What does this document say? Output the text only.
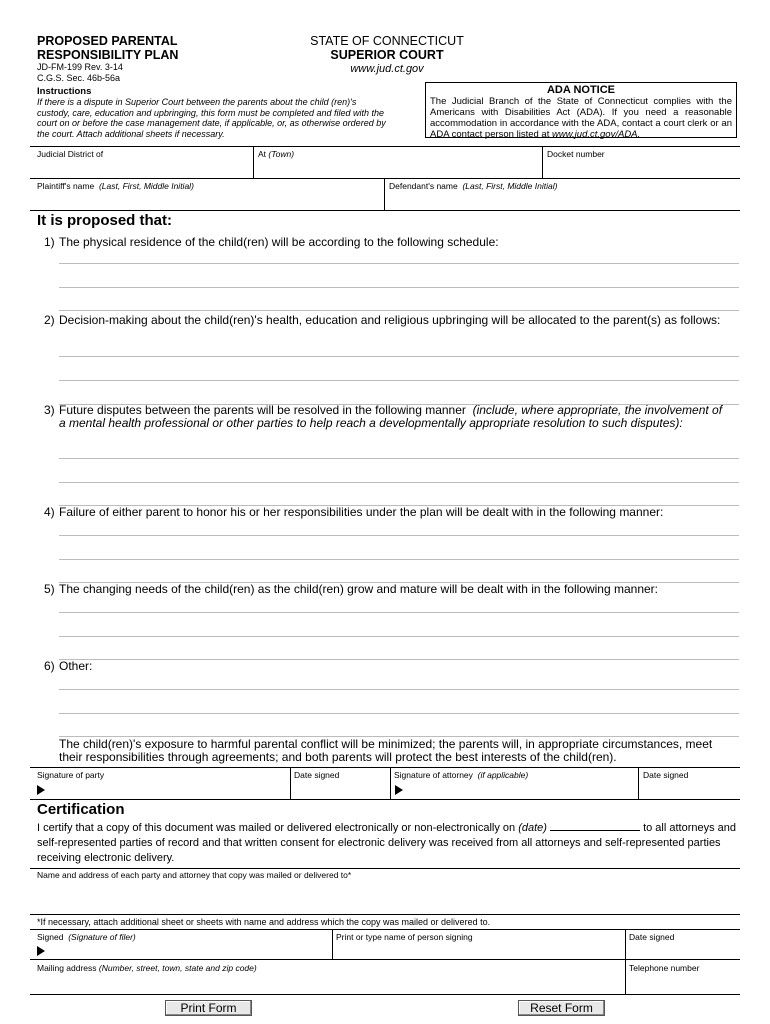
PROPOSED PARENTAL
RESPONSIBILITY PLAN
JD-FM-199 Rev. 3-14
C.G.S. Sec. 46b-56a
STATE OF CONNECTICUT
SUPERIOR COURT
www.jud.ct.gov
Instructions
If there is a dispute in Superior Court between the parents about the child (ren)'s custody, care, education and upbringing, this form must be completed and filed with the court on or before the case management date, if applicable, or, as otherwise ordered by the court. Attach additional sheets if necessary.
ADA NOTICE
The Judicial Branch of the State of Connecticut complies with the Americans with Disabilities Act (ADA). If you need a reasonable accommodation in accordance with the ADA, contact a court clerk or an ADA contact person listed at www.jud.ct.gov/ADA.
Judicial District of	At (Town)	Docket number
Plaintiff's name (Last, First, Middle Initial)	Defendant's name (Last, First, Middle Initial)
It is proposed that:
1) The physical residence of the child(ren) will be according to the following schedule:
2) Decision-making about the child(ren)'s health, education and religious upbringing will be allocated to the parent(s) as follows:
3) Future disputes between the parents will be resolved in the following manner (include, where appropriate, the involvement of a mental health professional or other parties to help reach a developmentally appropriate resolution to such disputes):
4) Failure of either parent to honor his or her responsibilities under the plan will be dealt with in the following manner:
5) The changing needs of the child(ren) as the child(ren) grow and mature will be dealt with in the following manner:
6) Other:
The child(ren)'s exposure to harmful parental conflict will be minimized; the parents will, in appropriate circumstances, meet their responsibilities through agreements; and both parents will protect the best interests of the child(ren).
Signature of party	Date signed	Signature of attorney (if applicable)	Date signed
Certification
I certify that a copy of this document was mailed or delivered electronically or non-electronically on (date)	to all attorneys and self-represented parties of record and that written consent for electronic delivery was received from all attorneys and self-represented parties receiving electronic delivery.
Name and address of each party and attorney that copy was mailed or delivered to*
*If necessary, attach additional sheet or sheets with name and address which the copy was mailed or delivered to.
Signed (Signature of filer)	Print or type name of person signing	Date signed
Mailing address (Number, street, town, state and zip code)	Telephone number
Print Form	Reset Form
